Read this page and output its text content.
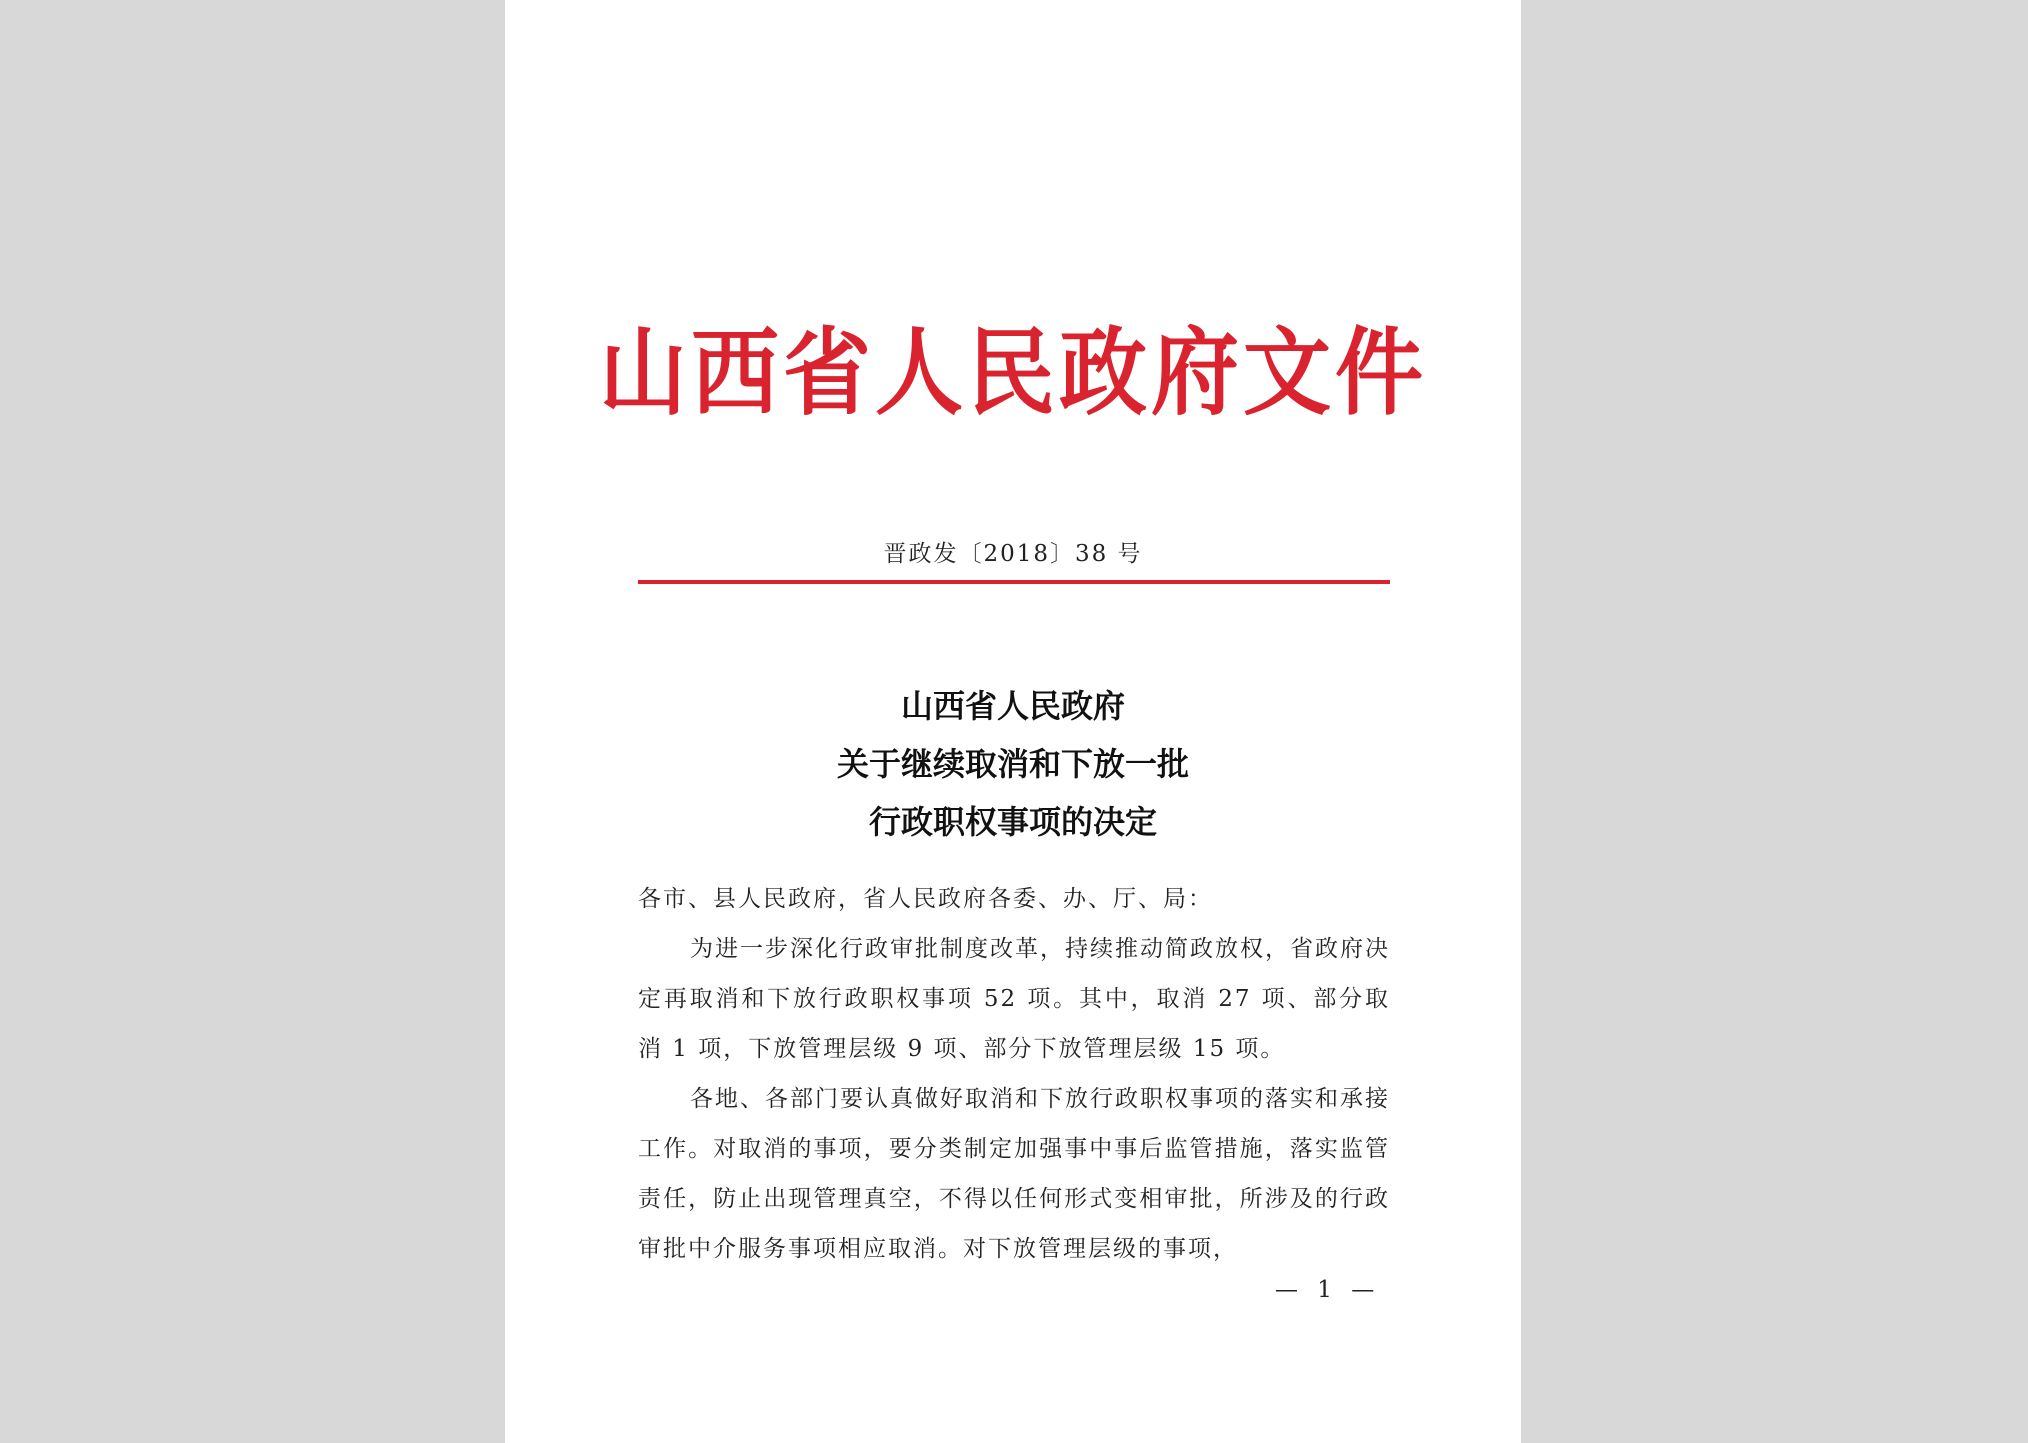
山西省人民政府文件
晋政发〔2018〕38 号
山西省人民政府
关于继续取消和下放一批
行政职权事项的决定

各市、县人民政府，省人民政府各委、办、厅、局：

为进一步深化行政审批制度改革，持续推动简政放权，省政府决定再取消和下放行政职权事项 52 项。其中，取消 27 项、部分取消 1 项，下放管理层级 9 项、部分下放管理层级 15 项。

各地、各部门要认真做好取消和下放行政职权事项的落实和承接工作。对取消的事项，要分类制定加强事中事后监管措施，落实监管责任，防止出现管理真空，不得以任何形式变相审批，所涉及的行政审批中介服务事项相应取消。对下放管理层级的事项，

— 1 —
